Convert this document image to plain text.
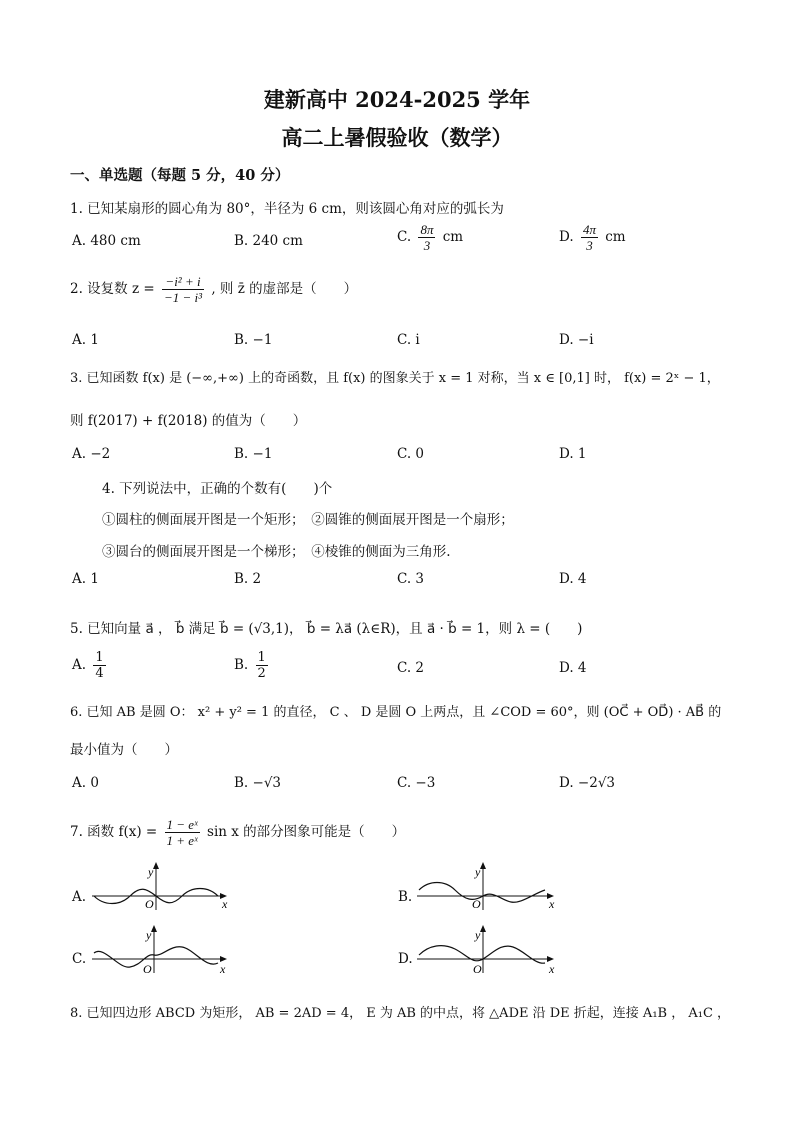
建新高中 2024-2025 学年
高二上暑假验收（数学）
一、单选题（每题 5 分，40 分）
1. 已知某扇形的圆心角为 80°，半径为 6 cm，则该圆心角对应的弧长为
A. 480 cm	B. 240 cm	C. $\frac{8\pi}{3}$ cm	D. $\frac{4\pi}{3}$ cm
2. 设复数 $z = \frac{\text{−i² + i}}{\text{−1 − i³}}$ , 则 z̄ 的虚部是（　　）
A. 1	B. −1	C. i	D. −i
3. 已知函数 f(x) 是 (−∞,+∞) 上的奇函数，且 f(x) 的图象关于 x = 1 对称，当 x ∈ [0,1] 时， f(x) = 2ˣ − 1，
则 f(2017) + f(2018) 的值为（　　）
A. −2	B. −1	C. 0	D. 1
4. 下列说法中，正确的个数有(　　)个
①圆柱的侧面展开图是一个矩形；　②圆锥的侧面展开图是一个扇形；
③圆台的侧面展开图是一个梯形；　④棱锥的侧面为三角形.
A. 1	B. 2	C. 3	D. 4
5. 已知向量 a⃗ ， b⃗ 满足 b⃗ = (√3,1)， b⃗ = λa⃗ (λ∈R)，且 a⃗ · b⃗ = 1，则 λ = (　　)
A. $\frac{1}{4}$	B. $\frac{1}{2}$	C. 2	D. 4
6. 已知 AB 是圆 O： x² + y² = 1 的直径， C 、 D 是圆 O 上两点，且 ∠COD = 60°，则 (OC⃗ + OD⃗) · AB⃗ 的
最小值为（　　）
A. 0	B. −√3	C. −3	D. −2√3
7. 函数 $f(x) = \frac{\text{1 − eˣ}}{\text{1 + eˣ}}$ sin x 的部分图象可能是（　　）
A.	B.
C.	D.
y
x
O
y
x
O
y
x
O
y
x
O
8. 已知四边形 ABCD 为矩形， AB = 2AD = 4， E 为 AB 的中点，将 △ADE 沿 DE 折起，连接 A₁B ， A₁C ，
